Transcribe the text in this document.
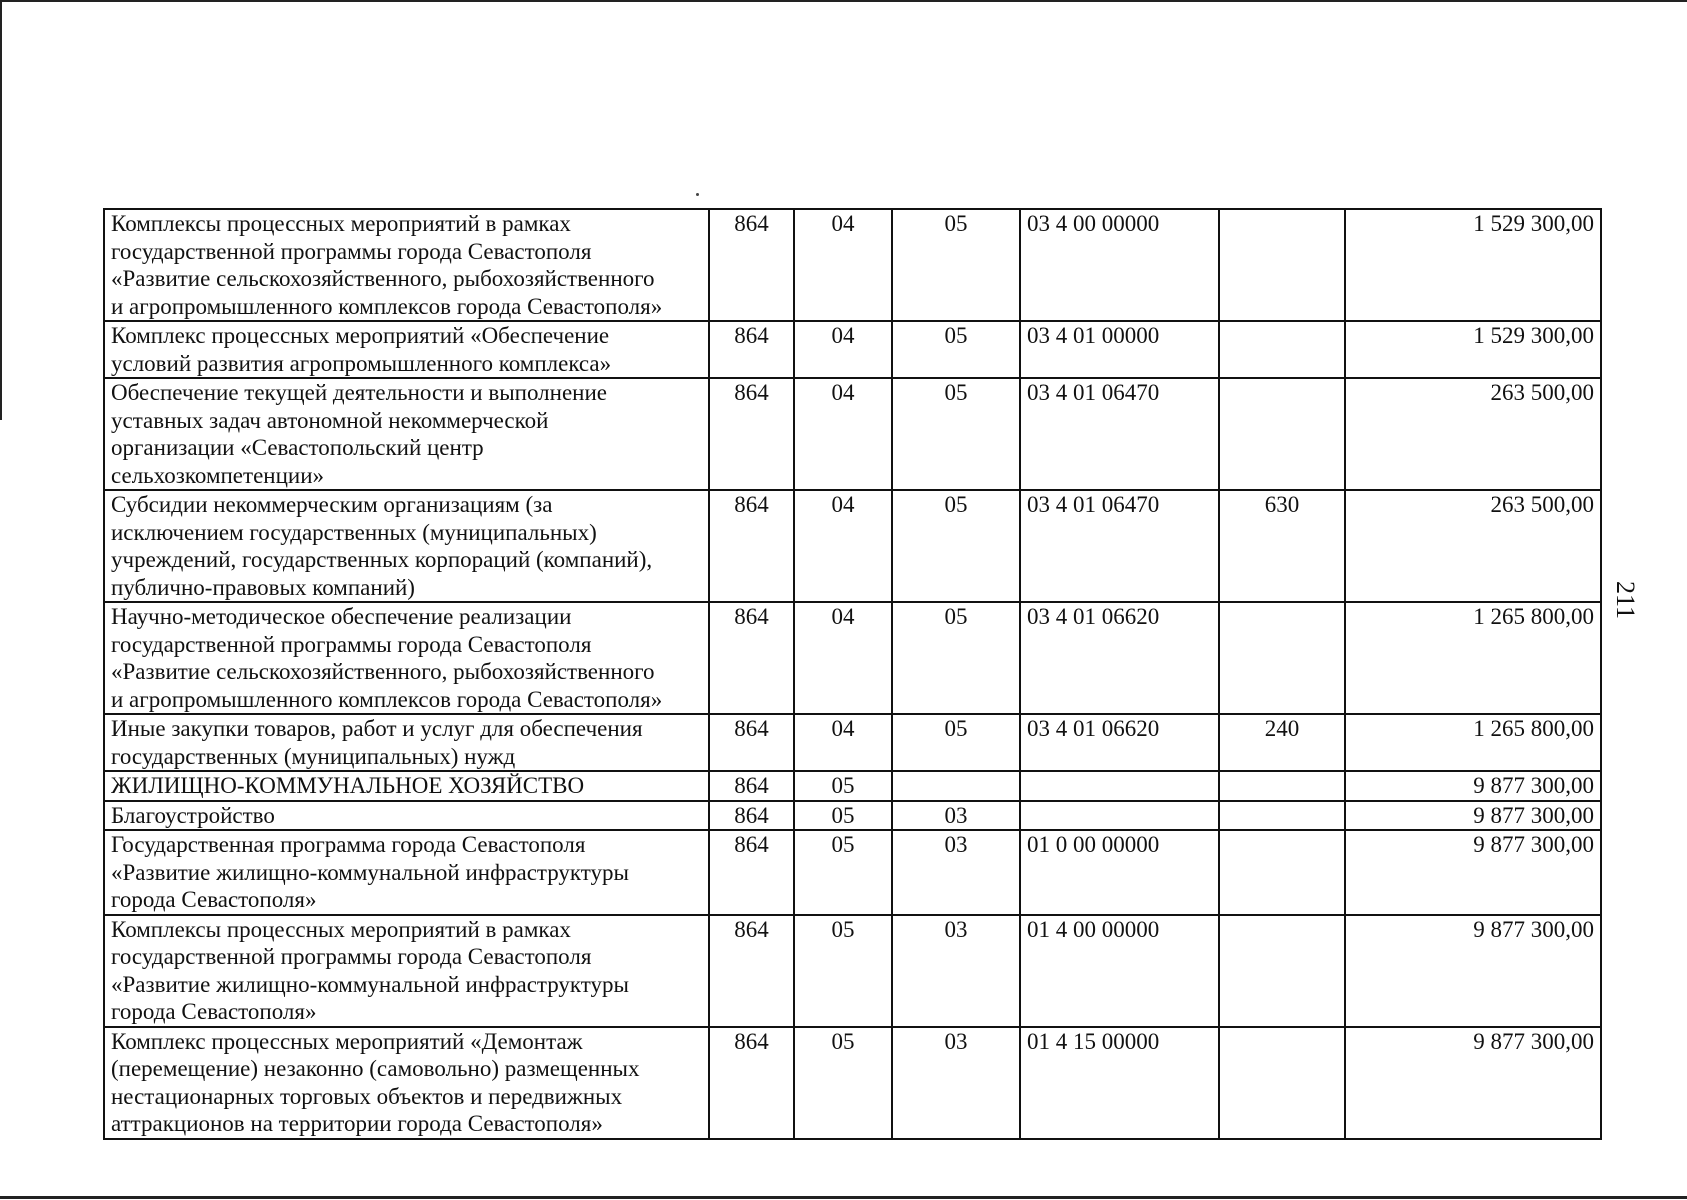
Комплексы процессных мероприятий в рамках
государственной программы города Севастополя
«Развитие сельскохозяйственного, рыбохозяйственного
и агропромышленного комплексов города Севастополя»	864	04	05	03 4 00 00000		1 529 300,00
Комплекс процессных мероприятий «Обеспечение
условий развития агропромышленного комплекса»	864	04	05	03 4 01 00000		1 529 300,00
Обеспечение текущей деятельности и выполнение
уставных задач автономной некоммерческой
организации «Севастопольский центр
сельхозкомпетенции»	864	04	05	03 4 01 06470		263 500,00
Субсидии некоммерческим организациям (за
исключением государственных (муниципальных)
учреждений, государственных корпораций (компаний),
публично-правовых компаний)	864	04	05	03 4 01 06470	630	263 500,00
Научно-методическое обеспечение реализации
государственной программы города Севастополя
«Развитие сельскохозяйственного, рыбохозяйственного
и агропромышленного комплексов города Севастополя»	864	04	05	03 4 01 06620		1 265 800,00
Иные закупки товаров, работ и услуг для обеспечения
государственных (муниципальных) нужд	864	04	05	03 4 01 06620	240	1 265 800,00
ЖИЛИЩНО-КОММУНАЛЬНОЕ ХОЗЯЙСТВО	864	05				9 877 300,00
Благоустройство	864	05	03			9 877 300,00
Государственная программа города Севастополя
«Развитие жилищно-коммунальной инфраструктуры
города Севастополя»	864	05	03	01 0 00 00000		9 877 300,00
Комплексы процессных мероприятий в рамках
государственной программы города Севастополя
«Развитие жилищно-коммунальной инфраструктуры
города Севастополя»	864	05	03	01 4 00 00000		9 877 300,00
Комплекс процессных мероприятий «Демонтаж
(перемещение) незаконно (самовольно) размещенных
нестационарных торговых объектов и передвижных
аттракционов на территории города Севастополя»	864	05	03	01 4 15 00000		9 877 300,00
211
